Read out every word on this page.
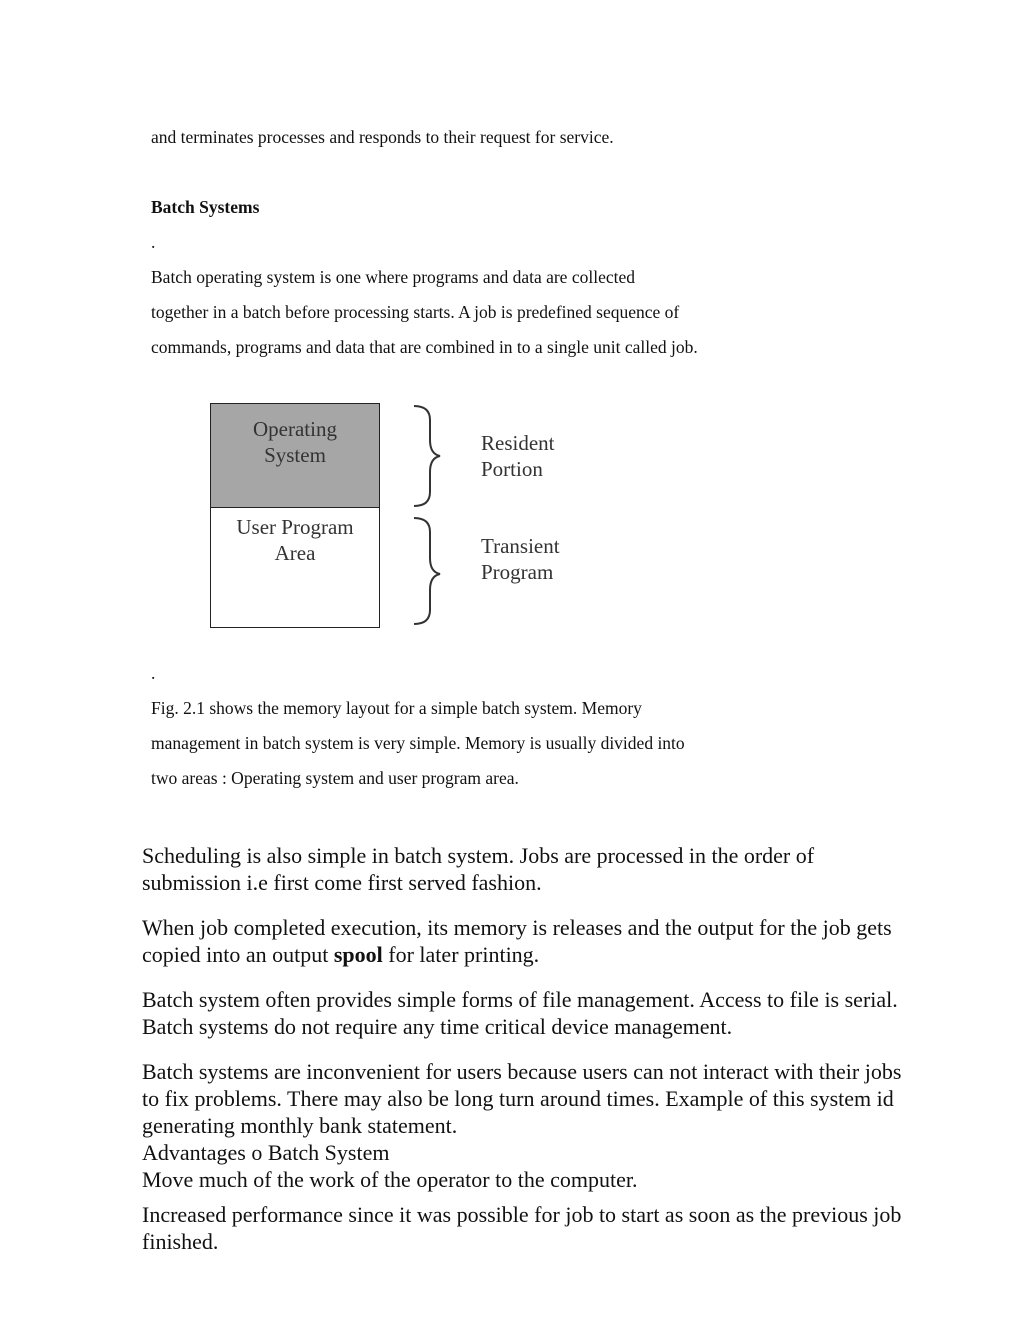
and terminates processes and responds to their request for service.

Batch Systems

.

Batch operating system is one where programs and data are collected

together in a batch before processing starts. A job is predefined sequence of

commands, programs and data that are combined in to a single unit called job.

Operating
System
User Program
Area
Resident
Portion
Transient
Program

.

Fig. 2.1 shows the memory layout for a simple batch system. Memory

management in batch system is very simple. Memory is usually divided into

two areas : Operating system and user program area.

Scheduling is also simple in batch system. Jobs are processed in the order of submission i.e first come first served fashion.

When job completed execution, its memory is releases and the output for the job gets copied into an output spool for later printing.

Batch system often provides simple forms of file management. Access to file is serial. Batch systems do not require any time critical device management.

Batch systems are inconvenient for users because users can not interact with their jobs to fix problems. There may also be long turn around times. Example of this system id generating monthly bank statement.

Advantages o Batch System

Move much of the work of the operator to the computer.

Increased performance since it was possible for job to start as soon as the previous job finished.
